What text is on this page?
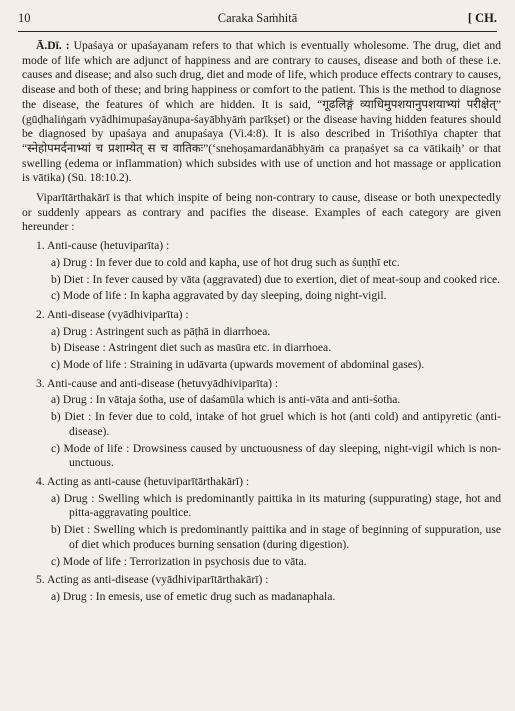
10	Caraka Saṁhitā	[ CH.

Ā.Dī. : Upaśaya or upaśayanam refers to that which is eventually wholesome. The drug, diet and mode of life which are adjunct of happiness and are contrary to causes, disease and both of these i.e. causes and disease; and also such drug, diet and mode of life, which produce effects contrary to causes, disease and both of these; and bring happiness or comfort to the patient. This is the method to diagnose the disease, the features of which are hidden. It is said, “गूढलिङ्गं व्याधिमुपशयानुपशयाभ्यां परीक्षेत्” (gūḍhaliṅgaṁ vyādhimupaśayānupa-śayābhyāṁ parīkṣet) or the disease having hidden features should be diagnosed by upaśaya and anupaśaya (Vi.4:8). It is also described in Triśothīya chapter that “स्नेहोपमर्दनाभ्यां च प्रशाम्येत् स च वातिकः”(‘snehoṣamardanābhyāṁ ca praṇaśyet sa ca vātikaiḥ’ or that swelling (edema or inflammation) which subsides with use of unction and hot massage or application is vātika) (Sū. 18:10.2).

Viparītārthakārī is that which inspite of being non-contrary to cause, disease or both unexpectedly or suddenly appears as contrary and pacifies the disease. Examples of each category are given hereunder :

1. Anti-cause (hetuviparīta) :
a) Drug : In fever due to cold and kapha, use of hot drug such as śuṇṭhī etc.
b) Diet : In fever caused by vāta (aggravated) due to exertion, diet of meat-soup and cooked rice.
c) Mode of life : In kapha aggravated by day sleeping, doing night-vigil.
2. Anti-disease (vyādhiviparīta) :
a) Drug : Astringent such as pāṭhā in diarrhoea.
b) Disease : Astringent diet such as masūra etc. in diarrhoea.
c) Mode of life : Straining in udāvarta (upwards movement of abdominal gases).
3. Anti-cause and anti-disease (hetuvyādhiviparīta) :
a) Drug : In vātaja śotha, use of daśamūla which is anti-vāta and anti-śotha.
b) Diet : In fever due to cold, intake of hot gruel which is hot (anti cold) and antipyretic (anti-disease).
c) Mode of life : Drowsiness caused by unctuousness of day sleeping, night-vigil which is non-unctuous.
4. Acting as anti-cause (hetuviparītārthakārī) :
a) Drug : Swelling which is predominantly paittika in its maturing (suppurating) stage, hot and pitta-aggravating poultice.
b) Diet : Swelling which is predominantly paittika and in stage of beginning of suppuration, use of diet which produces burning sensation (during digestion).
c) Mode of life : Terrorization in psychosis due to vāta.
5. Acting as anti-disease (vyādhiviparītārthakārī) :
a) Drug : In emesis, use of emetic drug such as madanaphala.
